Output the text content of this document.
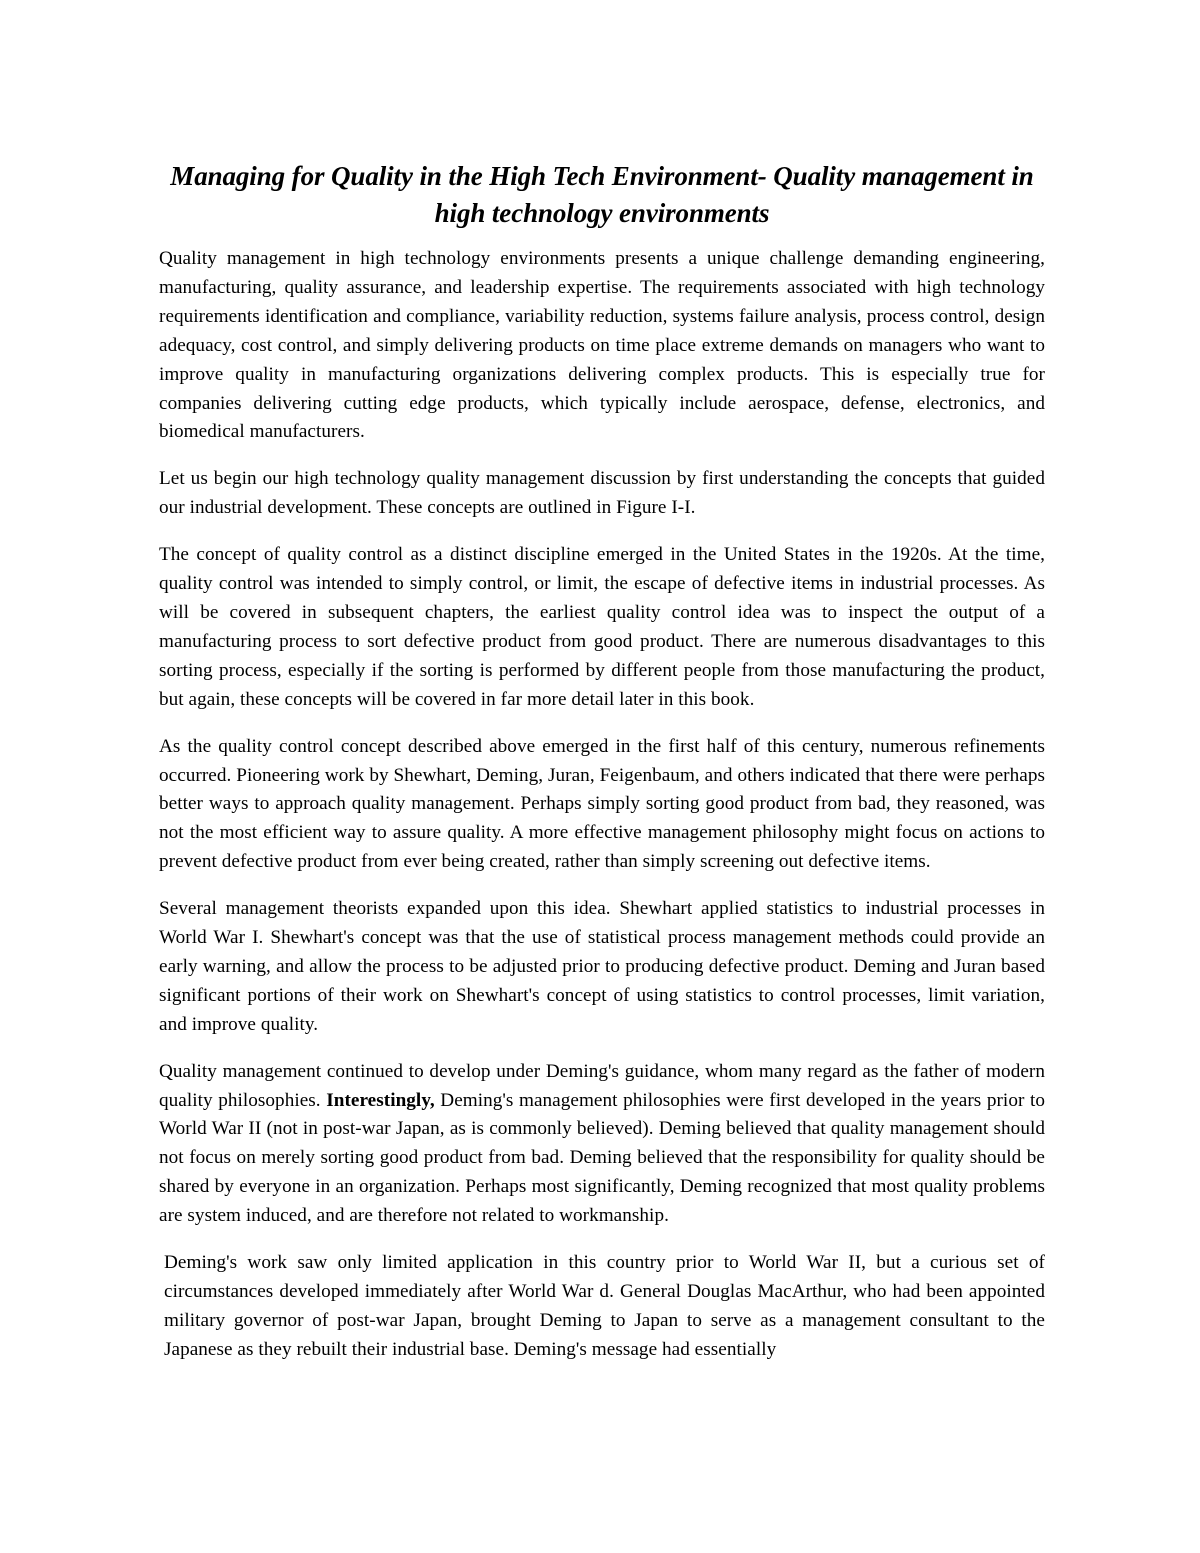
Managing for Quality in the High Tech Environment- Quality management in high technology environments

Quality management in high technology environments presents a unique challenge demanding engineering, manufacturing, quality assurance, and leadership expertise. The requirements associated with high technology requirements identification and compliance, variability reduction, systems failure analysis, process control, design adequacy, cost control, and simply delivering products on time place extreme demands on managers who want to improve quality in manufacturing organizations delivering complex products. This is especially true for companies delivering cutting edge products, which typically include aerospace, defense, electronics, and biomedical manufacturers.

Let us begin our high technology quality management discussion by first understanding the concepts that guided our industrial development. These concepts are outlined in Figure I-I.

The concept of quality control as a distinct discipline emerged in the United States in the 1920s. At the time, quality control was intended to simply control, or limit, the escape of defective items in industrial processes. As will be covered in subsequent chapters, the earliest quality control idea was to inspect the output of a manufacturing process to sort defective product from good product. There are numerous disadvantages to this sorting process, especially if the sorting is performed by different people from those manufacturing the product, but again, these concepts will be covered in far more detail later in this book.

As the quality control concept described above emerged in the first half of this century, numerous refinements occurred. Pioneering work by Shewhart, Deming, Juran, Feigenbaum, and others indicated that there were perhaps better ways to approach quality management. Perhaps simply sorting good product from bad, they reasoned, was not the most efficient way to assure quality. A more effective management philosophy might focus on actions to prevent defective product from ever being created, rather than simply screening out defective items.

Several management theorists expanded upon this idea. Shewhart applied statistics to industrial processes in World War I. Shewhart's concept was that the use of statistical process management methods could provide an early warning, and allow the process to be adjusted prior to producing defective product. Deming and Juran based significant portions of their work on Shewhart's concept of using statistics to control processes, limit variation, and improve quality.

Quality management continued to develop under Deming's guidance, whom many regard as the father of modern quality philosophies. Interestingly, Deming's management philosophies were first developed in the years prior to World War II (not in post-war Japan, as is commonly believed). Deming believed that quality management should not focus on merely sorting good product from bad. Deming believed that the responsibility for quality should be shared by everyone in an organization. Perhaps most significantly, Deming recognized that most quality problems are system induced, and are therefore not related to workmanship.

Deming's work saw only limited application in this country prior to World War II, but a curious set of circumstances developed immediately after World War d. General Douglas MacArthur, who had been appointed military governor of post-war Japan, brought Deming to Japan to serve as a management consultant to the Japanese as they rebuilt their industrial base. Deming's message had essentially
